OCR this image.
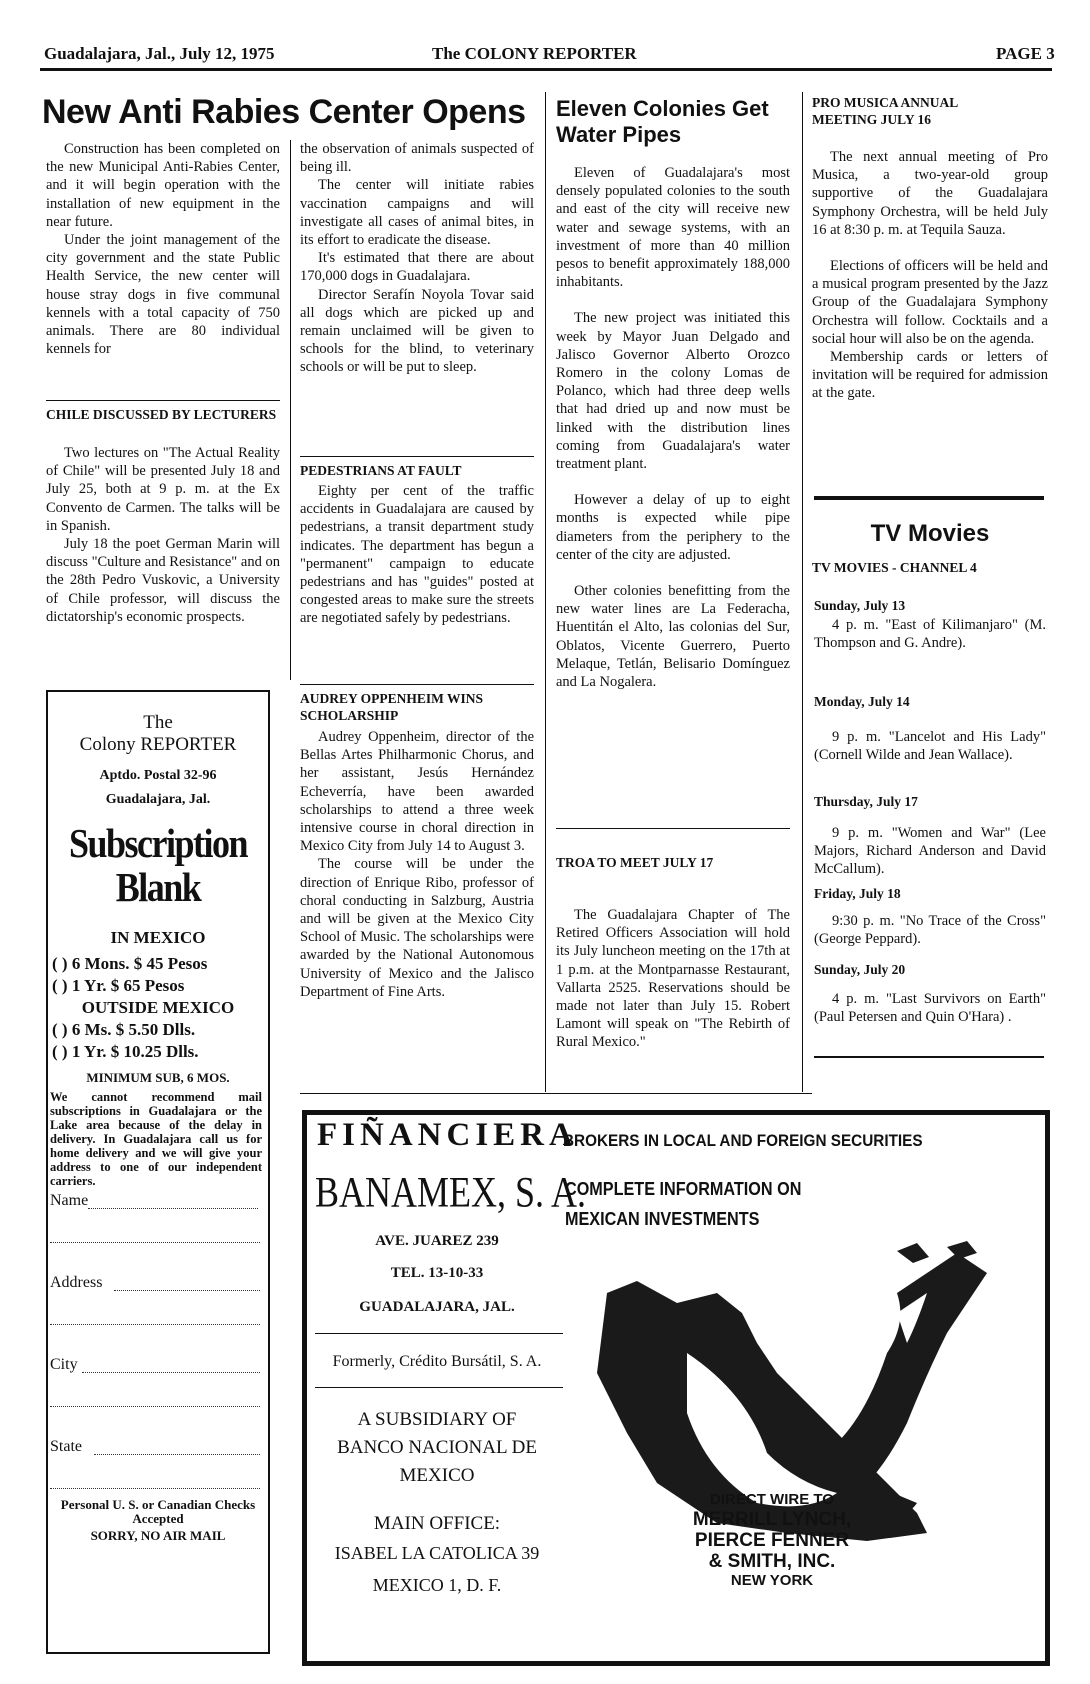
Guadalajara, Jal., July 12, 1975	The COLONY REPORTER	PAGE 3
New Anti Rabies Center Opens

Construction has been completed on the new Municipal Anti-Rabies Center, and it will begin operation with the installation of new equipment in the near future.

Under the joint management of the city government and the state Public Health Service, the new center will house stray dogs in five communal kennels with a total capacity of 750 animals. There are 80 individual kennels for

CHILE DISCUSSED BY LECTURERS

Two lectures on "The Actual Reality of Chile" will be presented July 18 and July 25, both at 9 p. m. at the Ex Convento de Carmen. The talks will be in Spanish.

July 18 the poet German Marin will discuss "Culture and Resistance" and on the 28th Pedro Vuskovic, a University of Chile professor, will discuss the dictatorship's economic prospects.

the observation of animals suspected of being ill.

The center will initiate rabies vaccination campaigns and will investigate all cases of animal bites, in its effort to eradicate the disease.

It's estimated that there are about 170,000 dogs in Guadalajara.

Director Serafín Noyola Tovar said all dogs which are picked up and remain unclaimed will be given to schools for the blind, to veterinary schools or will be put to sleep.

PEDESTRIANS AT FAULT

Eighty per cent of the traffic accidents in Guadalajara are caused by pedestrians, a transit department study indicates. The department has begun a "permanent" campaign to educate pedestrians and has "guides" posted at congested areas to make sure the streets are negotiated safely by pedestrians.

AUDREY OPPENHEIM WINS SCHOLARSHIP

Audrey Oppenheim, director of the Bellas Artes Philharmonic Chorus, and her assistant, Jesús Hernández Echeverría, have been awarded scholarships to attend a three week intensive course in choral direction in Mexico City from July 14 to August 3.

The course will be under the direction of Enrique Ribo, professor of choral conducting in Salzburg, Austria and will be given at the Mexico City School of Music. The scholarships were awarded by the National Autonomous University of Mexico and the Jalisco Department of Fine Arts.

Eleven Colonies Get Water Pipes

Eleven of Guadalajara's most densely populated colonies to the south and east of the city will receive new water and sewage systems, with an investment of more than 40 million pesos to benefit approximately 188,000 inhabitants.

The new project was initiated this week by Mayor Juan Delgado and Jalisco Governor Alberto Orozco Romero in the colony Lomas de Polanco, which had three deep wells that had dried up and now must be linked with the distribution lines coming from Guadalajara's water treatment plant.

However a delay of up to eight months is expected while pipe diameters from the periphery to the center of the city are adjusted.

Other colonies benefitting from the new water lines are La Federacha, Huentitán el Alto, las colonias del Sur, Oblatos, Vicente Guerrero, Puerto Melaque, Tetlán, Belisario Domínguez and La Nogalera.

TROA TO MEET JULY 17

The Guadalajara Chapter of The Retired Officers Association will hold its July luncheon meeting on the 17th at 1 p.m. at the Montparnasse Restaurant, Vallarta 2525. Reservations should be made not later than July 15. Robert Lamont will speak on "The Rebirth of Rural Mexico."

PRO MUSICA ANNUAL MEETING JULY 16

The next annual meeting of Pro Musica, a two-year-old group supportive of the Guadalajara Symphony Orchestra, will be held July 16 at 8:30 p. m. at Tequila Sauza.

Elections of officers will be held and a musical program presented by the Jazz Group of the Guadalajara Symphony Orchestra will follow. Cocktails and a social hour will also be on the agenda.

Membership cards or letters of invitation will be required for admission at the gate.

TV Movies
TV MOVIES - CHANNEL 4
Sunday, July 13

4 p. m. "East of Kilimanjaro" (M. Thompson and G. Andre).

Monday, July 14

9 p. m. "Lancelot and His Lady" (Cornell Wilde and Jean Wallace).

Thursday, July 17

9 p. m. "Women and War" (Lee Majors, Richard Anderson and David McCallum).

Friday, July 18

9:30 p. m. "No Trace of the Cross" (George Peppard).

Sunday, July 20

4 p. m. "Last Survivors on Earth" (Paul Petersen and Quin O'Hara) .

The
Colony REPORTER
Aptdo. Postal 32-96
Guadalajara, Jal.
Subscription
Blank
IN MEXICO
( ) 6 Mons. $ 45 Pesos
( ) 1 Yr. $ 65 Pesos
OUTSIDE MEXICO
( ) 6 Ms. $ 5.50 Dlls.
( ) 1 Yr. $ 10.25 Dlls.
MINIMUM SUB, 6 MOS.
We cannot recommend mail subscriptions in Guadalajara or the Lake area because of the delay in delivery. In Guadalajara call us for home delivery and we will give your address to one of our independent carriers.
Name
Address
City
State
Personal U. S. or Canadian Checks Accepted
SORRY, NO AIR MAIL
FIÑANCIERA
BROKERS IN LOCAL AND FOREIGN SECURITIES
BANAMEX, S. A.
COMPLETE INFORMATION ON
MEXICAN INVESTMENTS
AVE. JUAREZ 239
TEL. 13-10-33
GUADALAJARA, JAL.
Formerly, Crédito Bursátil, S. A.
A SUBSIDIARY OF
BANCO NACIONAL DE
MEXICO
MAIN OFFICE:
ISABEL LA CATOLICA 39
MEXICO 1, D. F.
DIRECT WIRE TO
MERRILL LYNCH,
PIERCE FENNER
& SMITH, INC.
NEW YORK
